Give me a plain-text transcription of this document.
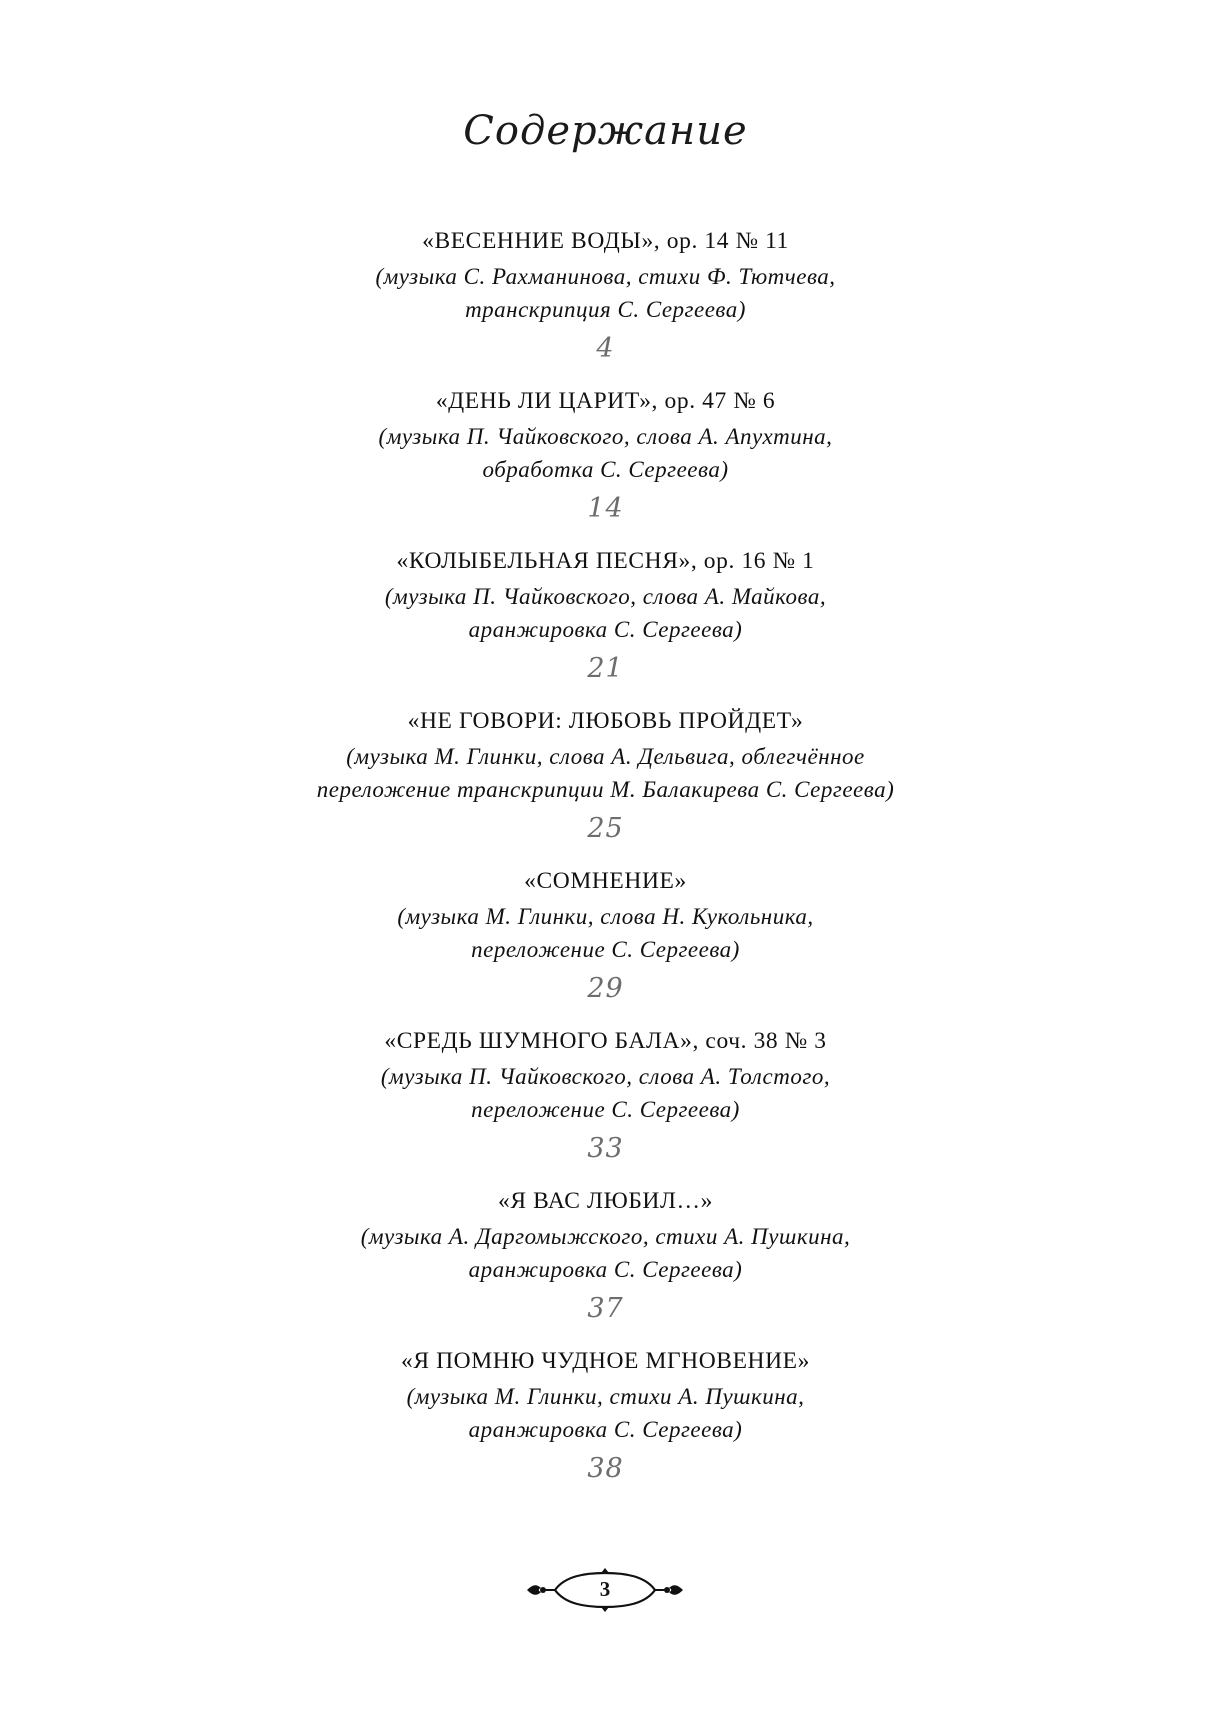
Содержание
«ВЕСЕННИЕ ВОДЫ», ор. 14 № 11
(музыка С. Рахманинова, стихи Ф. Тютчева,
транскрипция С. Сергеева)
4
«ДЕНЬ ЛИ ЦАРИТ», ор. 47 № 6
(музыка П. Чайковского, слова А. Апухтина,
обработка С. Сергеева)
14
«КОЛЫБЕЛЬНАЯ ПЕСНЯ», ор. 16 № 1
(музыка П. Чайковского, слова А. Майкова,
аранжировка С. Сергеева)
21
«НЕ ГОВОРИ: ЛЮБОВЬ ПРОЙДЕТ»
(музыка М. Глинки, слова А. Дельвига, облегчённое
переложение транскрипции М. Балакирева С. Сергеева)
25
«СОМНЕНИЕ»
(музыка М. Глинки, слова Н. Кукольника,
переложение С. Сергеева)
29
«СРЕДЬ ШУМНОГО БАЛА», соч. 38 № 3
(музыка П. Чайковского, слова А. Толстого,
переложение С. Сергеева)
33
«Я ВАС ЛЮБИЛ…»
(музыка А. Даргомыжского, стихи А. Пушкина,
аранжировка С. Сергеева)
37
«Я ПОМНЮ ЧУДНОЕ МГНОВЕНИЕ»
(музыка М. Глинки, стихи А. Пушкина,
аранжировка С. Сергеева)
38
3
